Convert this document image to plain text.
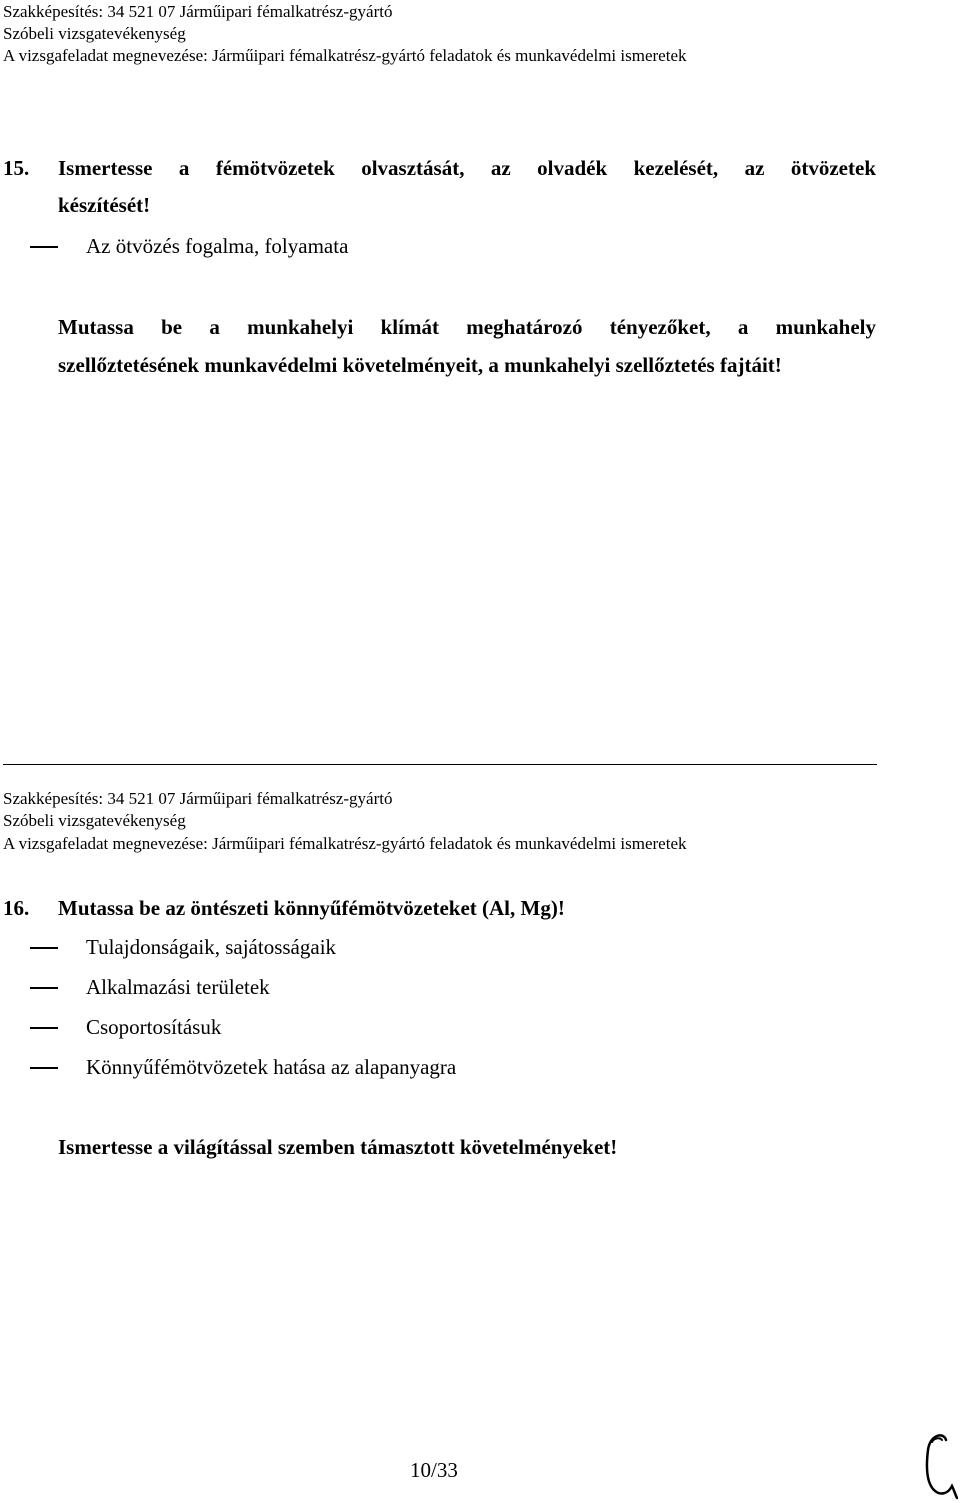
Szakképesítés: 34 521 07 Járműipari fémalkatrész-gyártó
Szóbeli vizsgatevékenység
A vizsgafeladat megnevezése: Járműipari fémalkatrész-gyártó feladatok és munkavédelmi ismeretek
15. Ismertesse a fémötvözetek olvasztását, az olvadék kezelését, az ötvözetek
készítését!
Az ötvözés fogalma, folyamata
Mutassa be a munkahelyi klímát meghatározó tényezőket, a munkahely
szellőztetésének munkavédelmi követelményeit, a munkahelyi szellőztetés fajtáit!
Szakképesítés: 34 521 07 Járműipari fémalkatrész-gyártó
Szóbeli vizsgatevékenység
A vizsgafeladat megnevezése: Járműipari fémalkatrész-gyártó feladatok és munkavédelmi ismeretek
16. Mutassa be az öntészeti könnyűfémötvözeteket (Al, Mg)!
Tulajdonságaik, sajátosságaik
Alkalmazási területek
Csoportosításuk
Könnyűfémötvözetek hatása az alapanyagra
Ismertesse a világítással szemben támasztott követelményeket!
10/33
